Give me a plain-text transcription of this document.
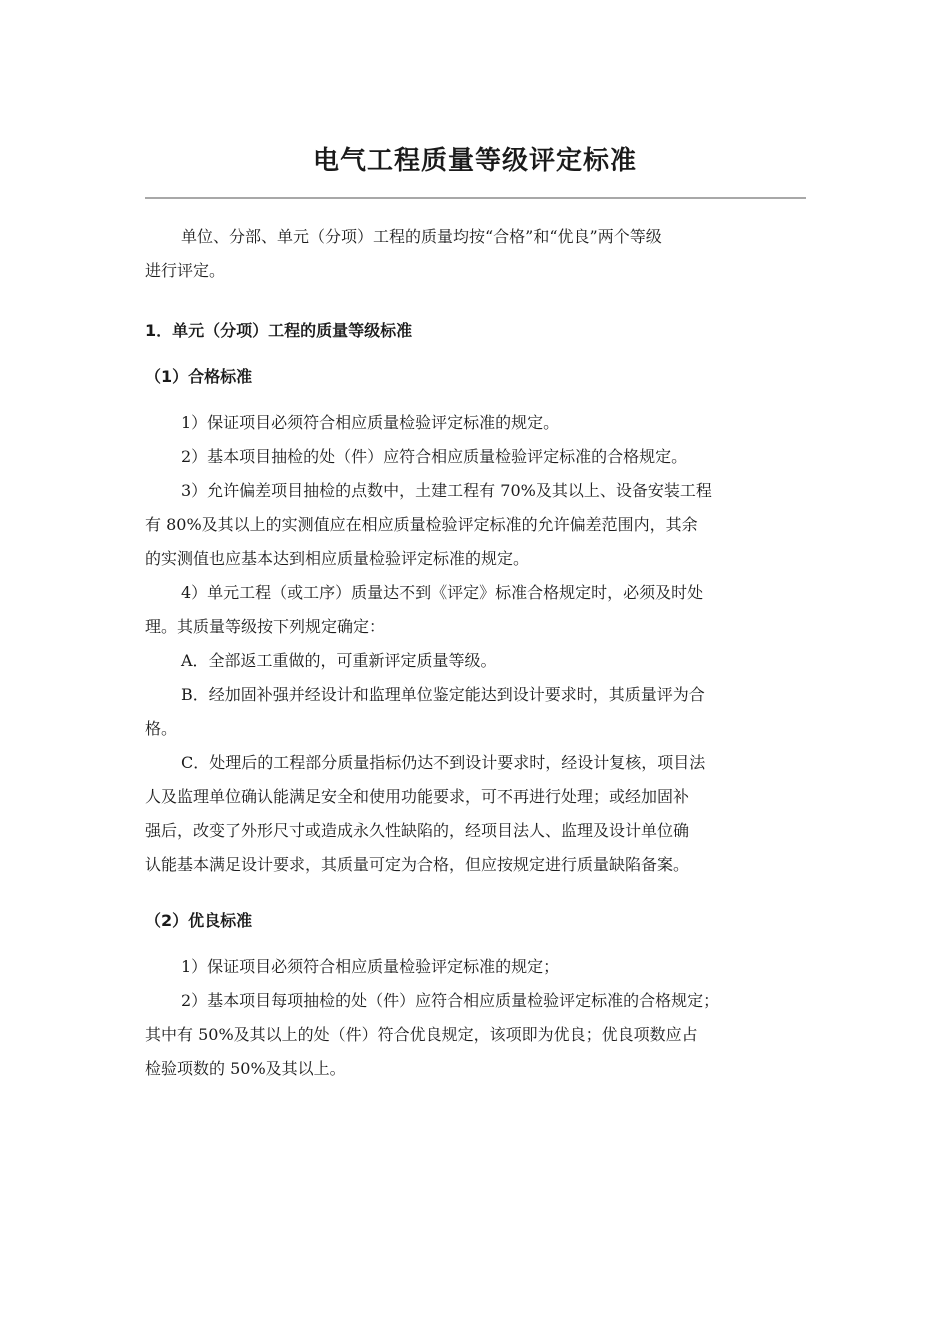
电气工程质量等级评定标准

单位、分部、单元（分项）工程的质量均按“合格”和“优良”两个等级

进行评定。

1．单元（分项）工程的质量等级标准

（1）合格标准

1）保证项目必须符合相应质量检验评定标准的规定。

2）基本项目抽检的处（件）应符合相应质量检验评定标准的合格规定。

3）允许偏差项目抽检的点数中，土建工程有 70%及其以上、设备安装工程

有 80%及其以上的实测值应在相应质量检验评定标准的允许偏差范围内，其余

的实测值也应基本达到相应质量检验评定标准的规定。

4）单元工程（或工序）质量达不到《评定》标准合格规定时，必须及时处

理。其质量等级按下列规定确定：

A．全部返工重做的，可重新评定质量等级。

B．经加固补强并经设计和监理单位鉴定能达到设计要求时，其质量评为合

格。

C．处理后的工程部分质量指标仍达不到设计要求时，经设计复核，项目法

人及监理单位确认能满足安全和使用功能要求，可不再进行处理；或经加固补

强后，改变了外形尺寸或造成永久性缺陷的，经项目法人、监理及设计单位确

认能基本满足设计要求，其质量可定为合格，但应按规定进行质量缺陷备案。

（2）优良标准

1）保证项目必须符合相应质量检验评定标准的规定；

2）基本项目每项抽检的处（件）应符合相应质量检验评定标准的合格规定；

其中有 50%及其以上的处（件）符合优良规定，该项即为优良；优良项数应占

检验项数的 50%及其以上。
